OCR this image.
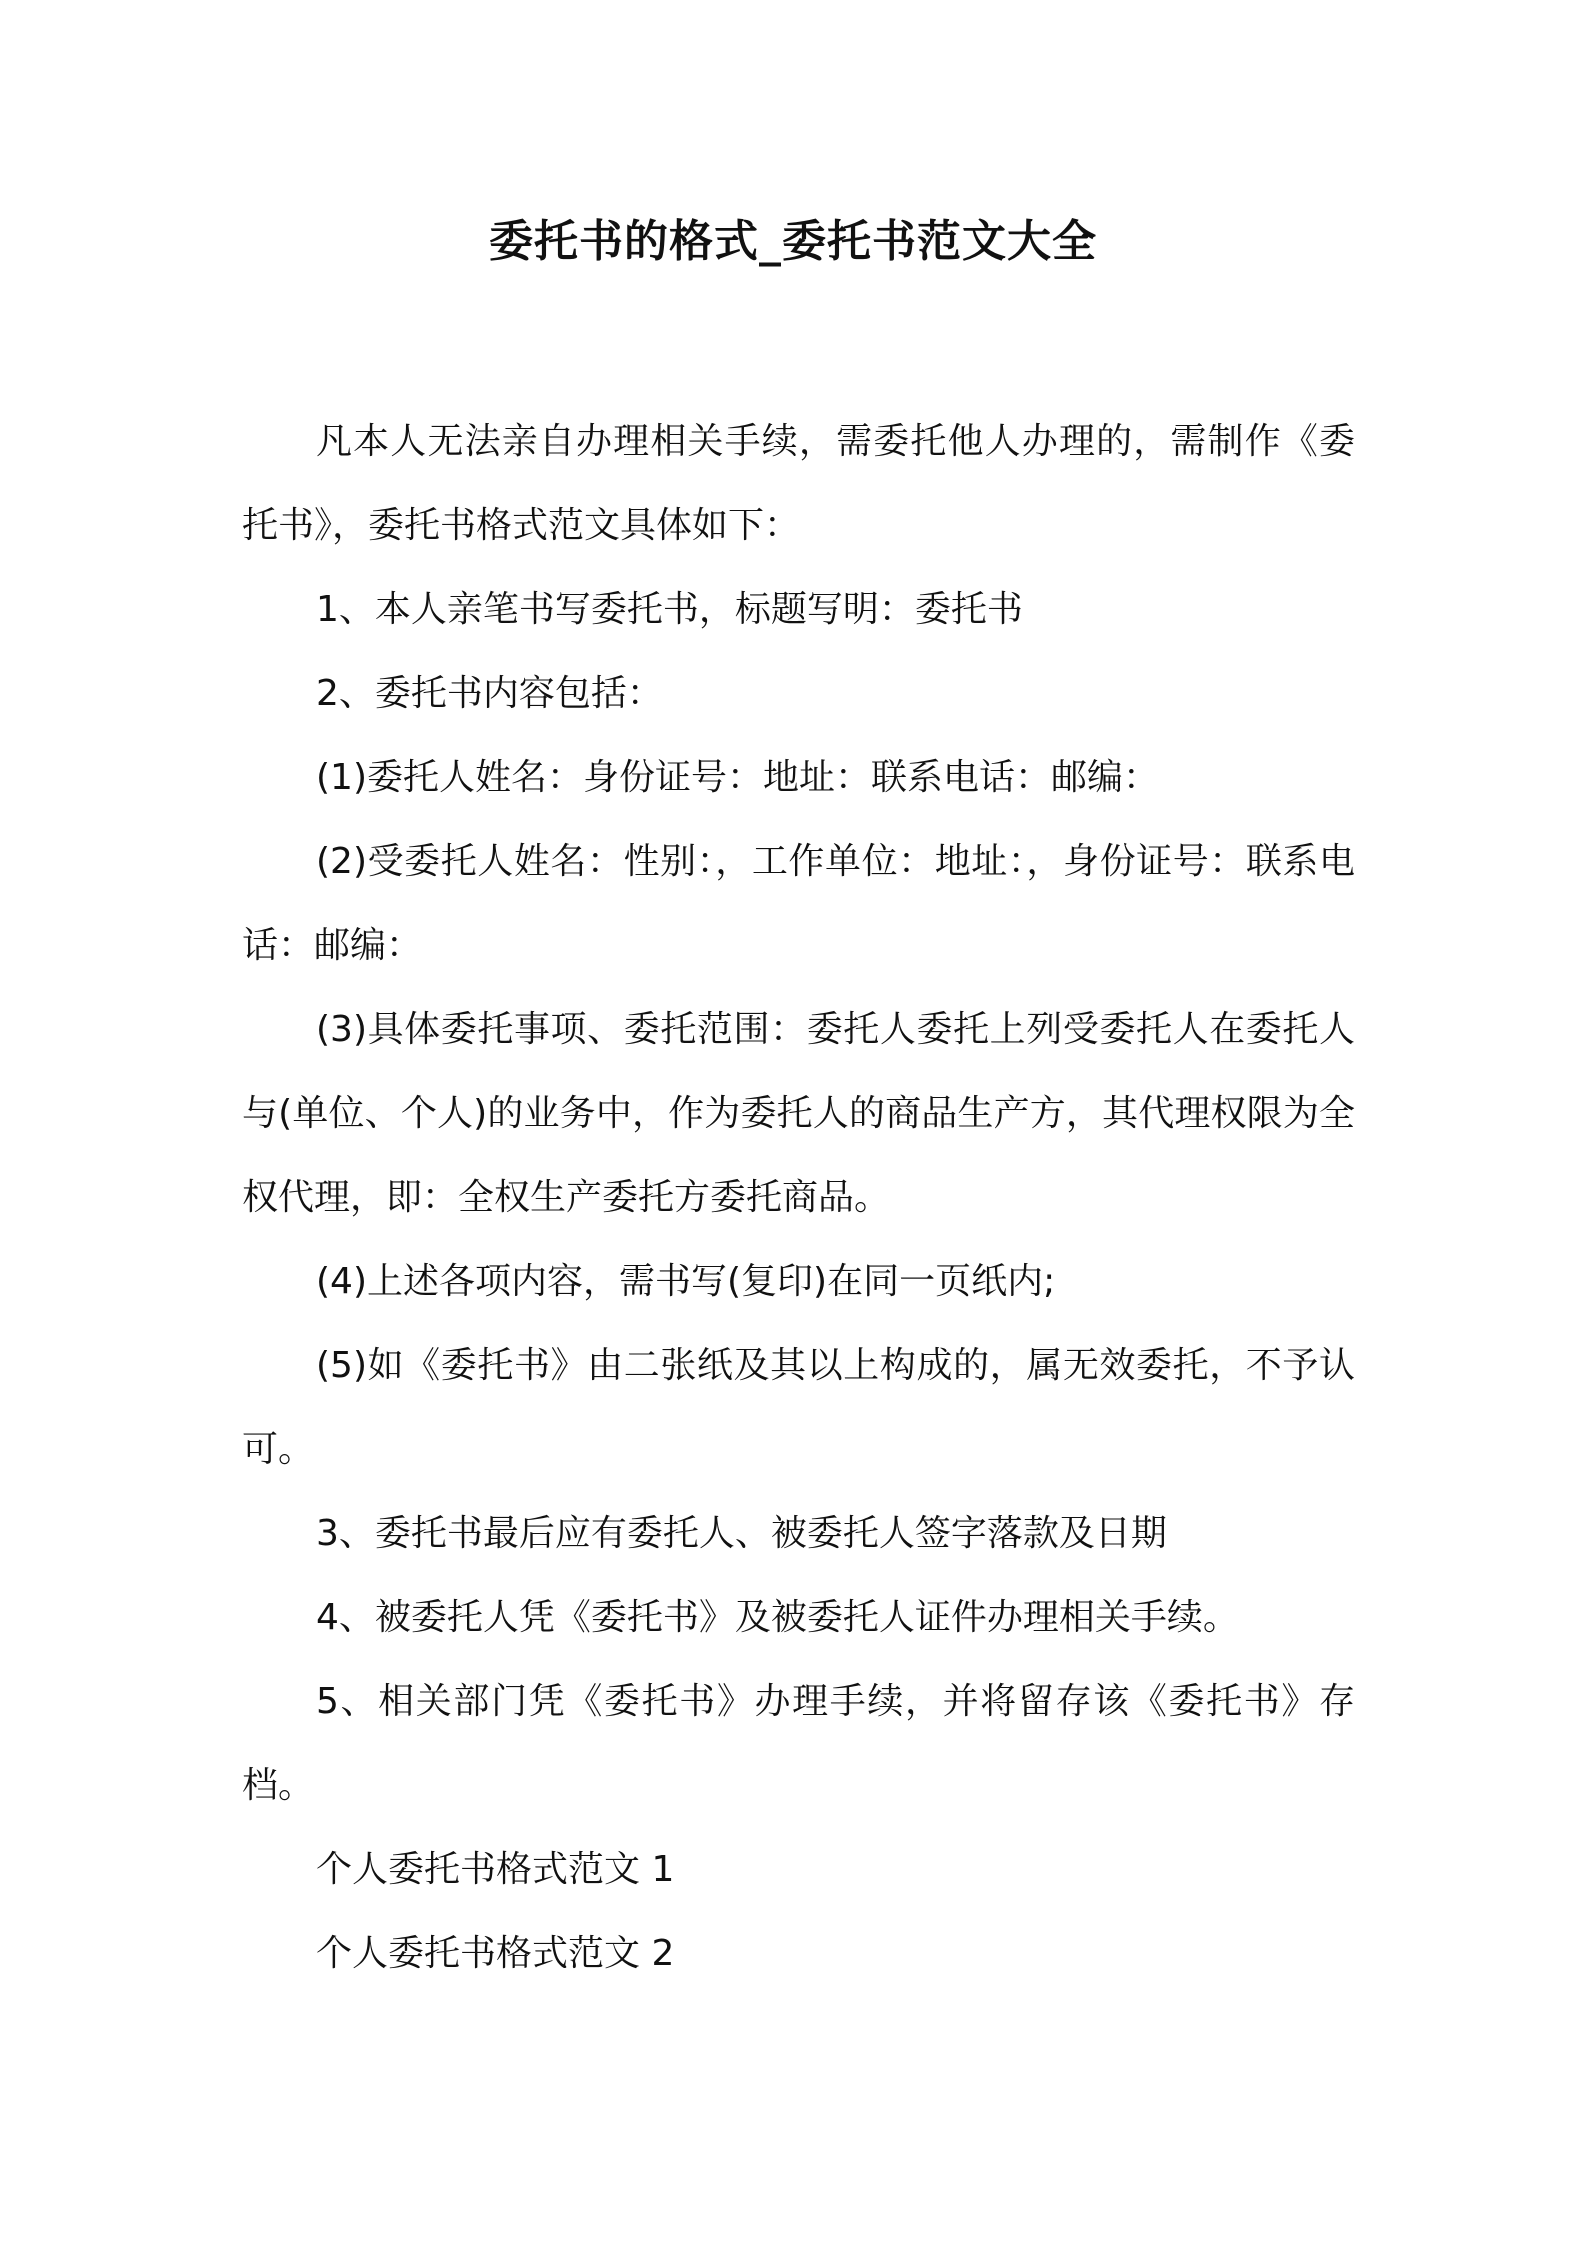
委托书的格式_委托书范文大全

凡本人无法亲自办理相关手续，需委托他人办理的，需制作《委托书》，委托书格式范文具体如下：

1、本人亲笔书写委托书，标题写明：委托书

2、委托书内容包括：

(1)委托人姓名：身份证号：地址：联系电话：邮编：

(2)受委托人姓名：性别：，工作单位：地址：，身份证号：联系电话：邮编：

(3)具体委托事项、委托范围：委托人委托上列受委托人在委托人与(单位、个人)的业务中，作为委托人的商品生产方，其代理权限为全权代理，即：全权生产委托方委托商品。

(4)上述各项内容，需书写(复印)在同一页纸内;

(5)如《委托书》由二张纸及其以上构成的，属无效委托，不予认可。

3、委托书最后应有委托人、被委托人签字落款及日期

4、被委托人凭《委托书》及被委托人证件办理相关手续。

5、相关部门凭《委托书》办理手续，并将留存该《委托书》存档。

个人委托书格式范文 1

个人委托书格式范文 2
